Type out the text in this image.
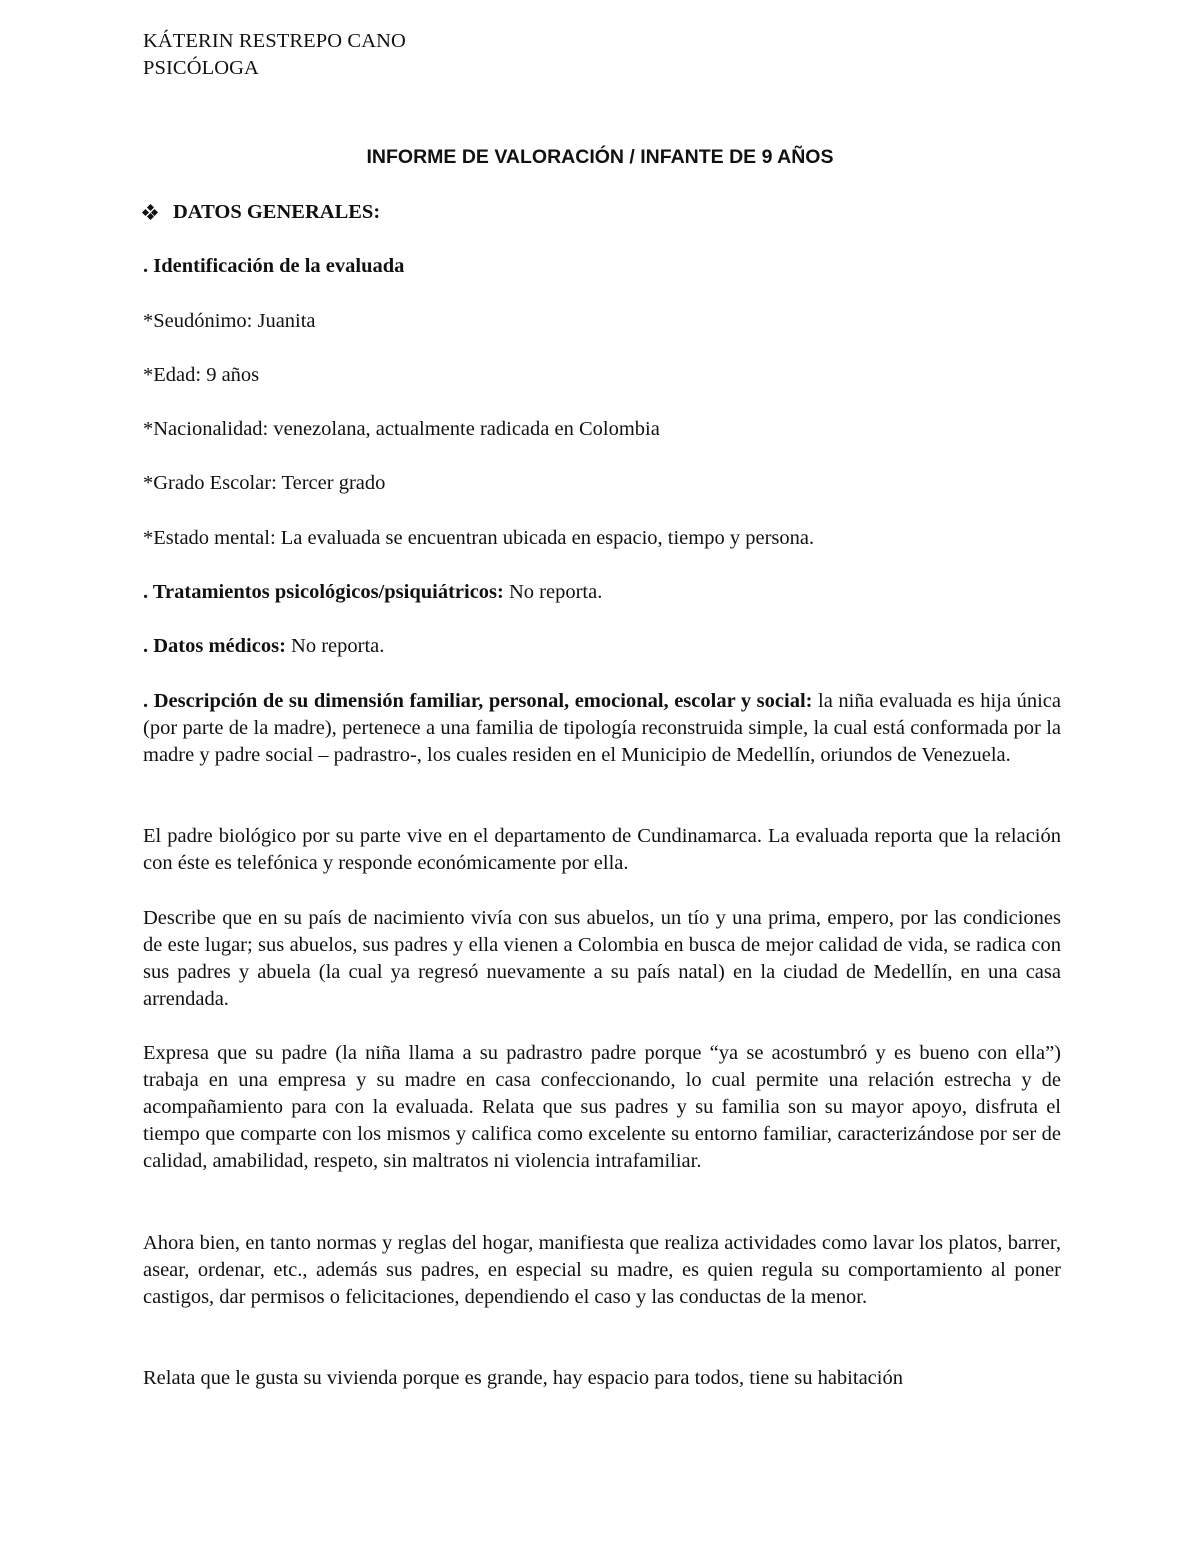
KÁTERIN RESTREPO CANO
PSICÓLOGA
INFORME DE VALORACIÓN / INFANTE DE 9 AÑOS
DATOS GENERALES:
. Identificación de la evaluada
*Seudónimo: Juanita
*Edad: 9 años
*Nacionalidad: venezolana, actualmente radicada en Colombia
*Grado Escolar: Tercer grado
*Estado mental: La evaluada se encuentran ubicada en espacio, tiempo y persona.
. Tratamientos psicológicos/psiquiátricos: No reporta.
. Datos médicos: No reporta.
. Descripción de su dimensión familiar, personal, emocional, escolar y social: la niña evaluada es hija única (por parte de la madre), pertenece a una familia de tipología reconstruida simple, la cual está conformada por la madre y padre social – padrastro-, los cuales residen en el Municipio de Medellín, oriundos de Venezuela.
El padre biológico por su parte vive en el departamento de Cundinamarca. La evaluada reporta que la relación con éste es telefónica y responde económicamente por ella.
Describe que en su país de nacimiento vivía con sus abuelos, un tío y una prima, empero, por las condiciones de este lugar; sus abuelos, sus padres y ella vienen a Colombia en busca de mejor calidad de vida, se radica con sus padres y abuela (la cual ya regresó nuevamente a su país natal) en la ciudad de Medellín, en una casa arrendada.
Expresa que su padre (la niña llama a su padrastro padre porque “ya se acostumbró y es bueno con ella”) trabaja en una empresa y su madre en casa confeccionando, lo cual permite una relación estrecha y de acompañamiento para con la evaluada. Relata que sus padres y su familia son su mayor apoyo, disfruta el tiempo que comparte con los mismos y califica como excelente su entorno familiar, caracterizándose por ser de calidad, amabilidad, respeto, sin maltratos ni violencia intrafamiliar.
Ahora bien, en tanto normas y reglas del hogar, manifiesta que realiza actividades como lavar los platos, barrer, asear, ordenar, etc., además sus padres, en especial su madre, es quien regula su comportamiento al poner castigos, dar permisos o felicitaciones, dependiendo el caso y las conductas de la menor.
Relata que le gusta su vivienda porque es grande, hay espacio para todos, tiene su habitación
